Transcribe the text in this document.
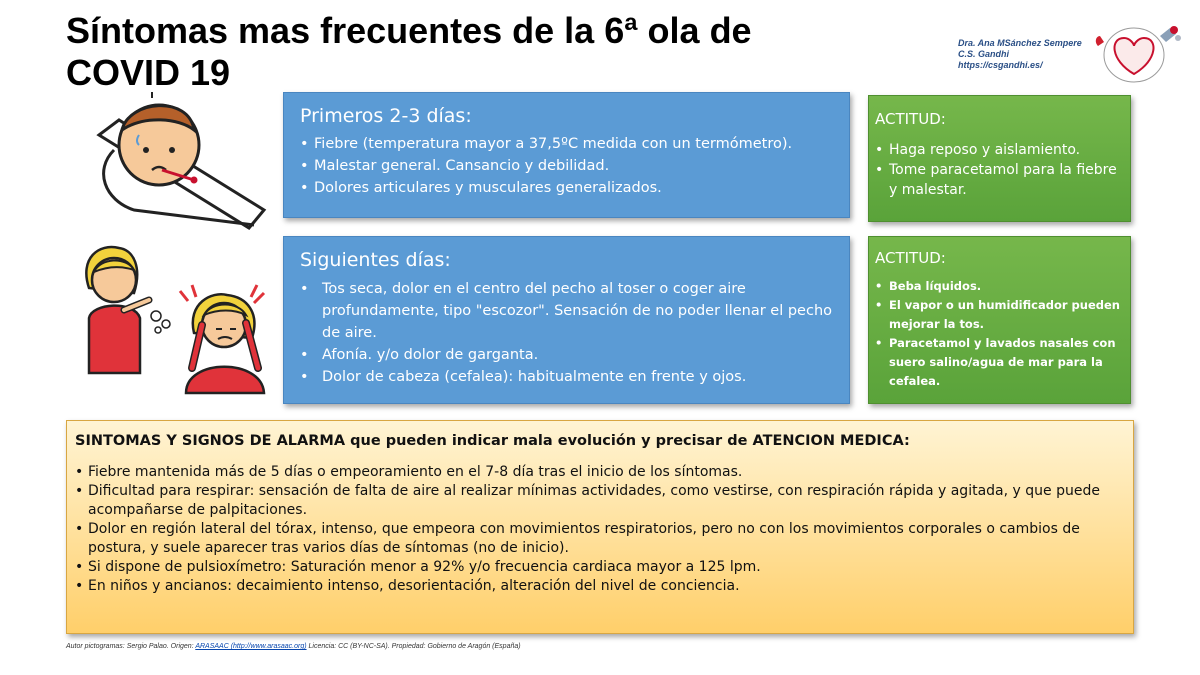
Síntomas mas frecuentes de la 6ª ola de COVID 19
Dra. Ana MSánchez Sempere
C.S. Gandhi
https://csgandhi.es/
Primeros 2-3 días:
• Fiebre (temperatura mayor a 37,5ºC medida con un termómetro).
• Malestar general. Cansancio y debilidad.
• Dolores articulares y musculares generalizados.
ACTITUD:
• Haga reposo y aislamiento.
• Tome paracetamol para la fiebre y malestar.
Siguientes días:
• Tos seca, dolor en el centro del pecho al toser o coger aire profundamente, tipo "escozor". Sensación de no poder llenar el pecho de aire.
• Afonía. y/o dolor de garganta.
• Dolor de cabeza (cefalea): habitualmente en frente y ojos.
ACTITUD:
• Beba líquidos.
• El vapor o un humidificador pueden mejorar la tos.
• Paracetamol y lavados nasales con suero salino/agua de mar para la cefalea.
SINTOMAS Y SIGNOS DE ALARMA que pueden indicar mala evolución y precisar de ATENCION MEDICA:
• Fiebre mantenida más de 5 días o empeoramiento en el 7-8 día tras el inicio de los síntomas.
• Dificultad para respirar: sensación de falta de aire al realizar mínimas actividades, como vestirse, con respiración rápida y agitada, y que puede acompañarse de palpitaciones.
• Dolor en región lateral del tórax, intenso, que empeora con movimientos respiratorios, pero no con los movimientos corporales o cambios de postura, y suele aparecer tras varios días de síntomas (no de inicio).
• Si dispone de pulsioxímetro: Saturación menor a 92% y/o frecuencia cardiaca mayor a 125 lpm.
• En niños y ancianos: decaimiento intenso, desorientación, alteración del nivel de conciencia.
Autor pictogramas: Sergio Palao. Origen: ARASAAC (http://www.arasaac.org) Licencia: CC (BY-NC-SA). Propiedad: Gobierno de Aragón (España)
